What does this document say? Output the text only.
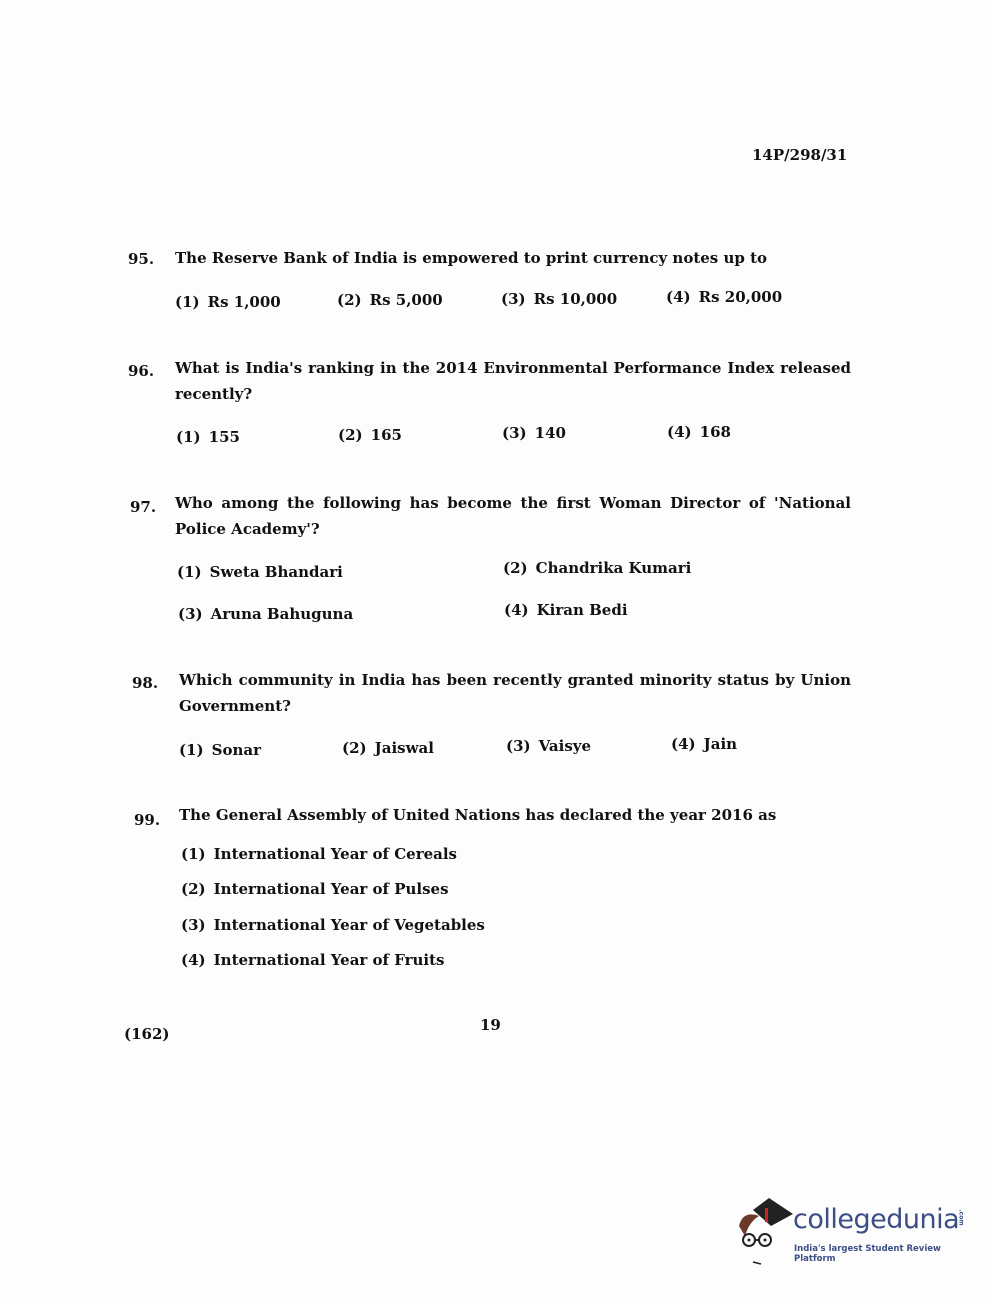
14P/298/31
95. The Reserve Bank of India is empowered to print currency notes up to
(1) Rs 1,000	(2) Rs 5,000	(3) Rs 10,000	(4) Rs 20,000
96. What is India's ranking in the 2014 Environmental Performance Index released recently?
(1) 155	(2) 165	(3) 140	(4) 168
97. Who among the following has become the first Woman Director of 'National Police Academy'?
(1) Sweta Bhandari	(2) Chandrika Kumari
(3) Aruna Bahuguna	(4) Kiran Bedi
98. Which community in India has been recently granted minority status by Union Government?
(1) Sonar	(2) Jaiswal	(3) Vaisye	(4) Jain
99. The General Assembly of United Nations has declared the year 2016 as
(1) International Year of Cereals
(2) International Year of Pulses
(3) International Year of Vegetables
(4) International Year of Fruits
(162)	19
collegedunia
.com
India's largest Student Review Platform
